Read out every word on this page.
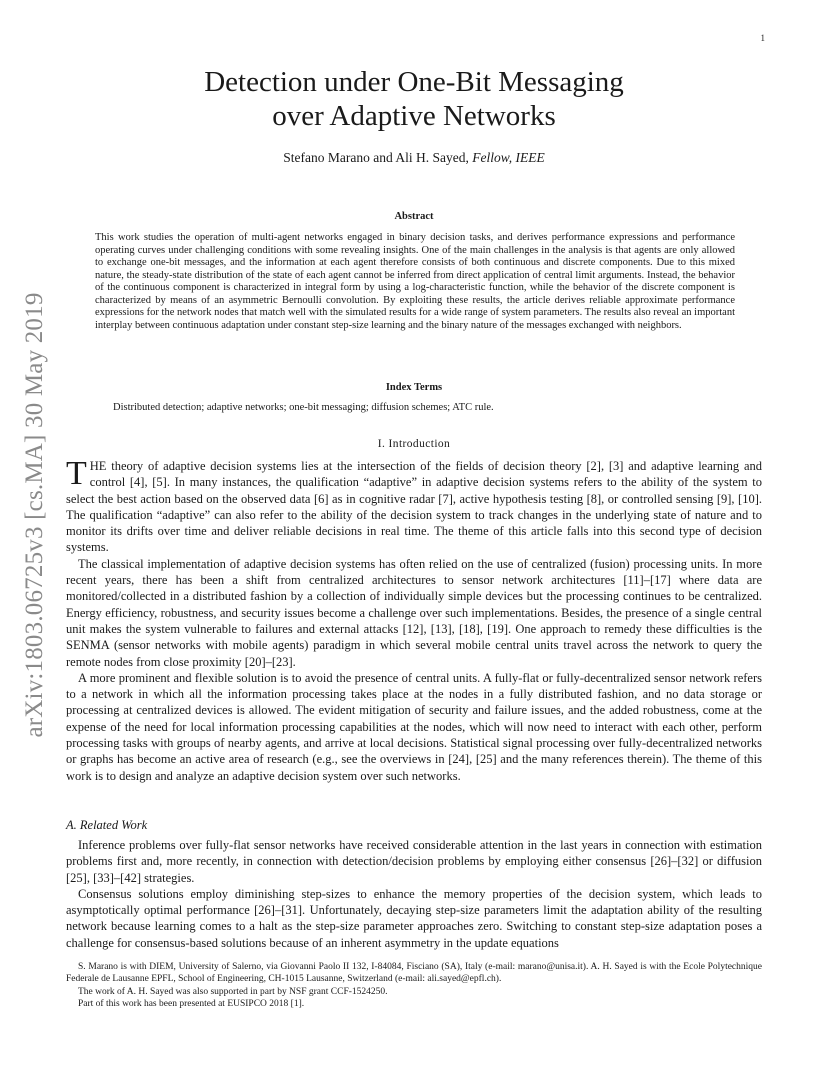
1
arXiv:1803.06725v3 [cs.MA] 30 May 2019
Detection under One-Bit Messaging
over Adaptive Networks
Stefano Marano and Ali H. Sayed, Fellow, IEEE
Abstract
This work studies the operation of multi-agent networks engaged in binary decision tasks, and derives performance expressions and performance operating curves under challenging conditions with some revealing insights. One of the main challenges in the analysis is that agents are only allowed to exchange one-bit messages, and the information at each agent therefore consists of both continuous and discrete components. Due to this mixed nature, the steady-state distribution of the state of each agent cannot be inferred from direct application of central limit arguments. Instead, the behavior of the continuous component is characterized in integral form by using a log-characteristic function, while the behavior of the discrete component is characterized by means of an asymmetric Bernoulli convolution. By exploiting these results, the article derives reliable approximate performance expressions for the network nodes that match well with the simulated results for a wide range of system parameters. The results also reveal an important interplay between continuous adaptation under constant step-size learning and the binary nature of the messages exchanged with neighbors.
Index Terms
Distributed detection; adaptive networks; one-bit messaging; diffusion schemes; ATC rule.
I. Introduction

THE theory of adaptive decision systems lies at the intersection of the fields of decision theory [2], [3] and adaptive learning and control [4], [5]. In many instances, the qualification “adaptive” in adaptive decision systems refers to the ability of the system to select the best action based on the observed data [6] as in cognitive radar [7], active hypothesis testing [8], or controlled sensing [9], [10]. The qualification “adaptive” can also refer to the ability of the decision system to track changes in the underlying state of nature and to monitor its drifts over time and deliver reliable decisions in real time. The theme of this article falls into this second type of decision systems.

The classical implementation of adaptive decision systems has often relied on the use of centralized (fusion) processing units. In more recent years, there has been a shift from centralized architectures to sensor network architectures [11]–[17] where data are monitored/collected in a distributed fashion by a collection of individually simple devices but the processing continues to be centralized. Energy efficiency, robustness, and security issues become a challenge over such implementations. Besides, the presence of a single central unit makes the system vulnerable to failures and external attacks [12], [13], [18], [19]. One approach to remedy these difficulties is the SENMA (sensor networks with mobile agents) paradigm in which several mobile central units travel across the network to query the remote nodes from close proximity [20]–[23].

A more prominent and flexible solution is to avoid the presence of central units. A fully-flat or fully-decentralized sensor network refers to a network in which all the information processing takes place at the nodes in a fully distributed fashion, and no data storage or processing at centralized devices is allowed. The evident mitigation of security and failure issues, and the added robustness, come at the expense of the need for local information processing capabilities at the nodes, which will now need to interact with each other, perform processing tasks with groups of nearby agents, and arrive at local decisions. Statistical signal processing over fully-decentralized networks or graphs has become an active area of research (e.g., see the overviews in [24], [25] and the many references therein). The theme of this work is to design and analyze an adaptive decision system over such networks.

A. Related Work

Inference problems over fully-flat sensor networks have received considerable attention in the last years in connection with estimation problems first and, more recently, in connection with detection/decision problems by employing either consensus [26]–[32] or diffusion [25], [33]–[42] strategies.

Consensus solutions employ diminishing step-sizes to enhance the memory properties of the decision system, which leads to asymptotically optimal performance [26]–[31]. Unfortunately, decaying step-size parameters limit the adaptation ability of the resulting network because learning comes to a halt as the step-size parameter approaches zero. Switching to constant step-size adaptation poses a challenge for consensus-based solutions because of an inherent asymmetry in the update equations

S. Marano is with DIEM, University of Salerno, via Giovanni Paolo II 132, I-84084, Fisciano (SA), Italy (e-mail: marano@unisa.it). A. H. Sayed is with the Ecole Polytechnique Federale de Lausanne EPFL, School of Engineering, CH-1015 Lausanne, Switzerland (e-mail: ali.sayed@epfl.ch).

The work of A. H. Sayed was also supported in part by NSF grant CCF-1524250.

Part of this work has been presented at EUSIPCO 2018 [1].
